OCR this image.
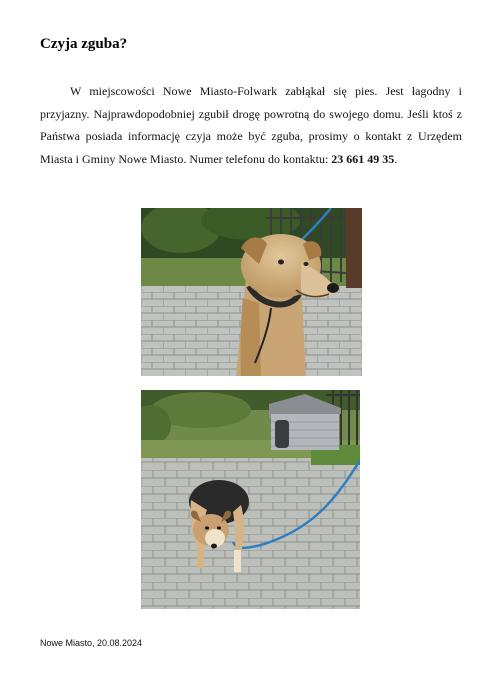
Czyja zguba?
W miejscowości Nowe Miasto-Folwark zabłąkał się pies. Jest łagodny i przyjazny. Najprawdopodobniej zgubił drogę powrotną do swojego domu. Jeśli ktoś z Państwa posiada informację czyja może być zguba, prosimy o kontakt z Urzędem Miasta i Gminy Nowe Miasto. Numer telefonu do kontaktu: 23 661 49 35.
Nowe Miasto, 20.08.2024
